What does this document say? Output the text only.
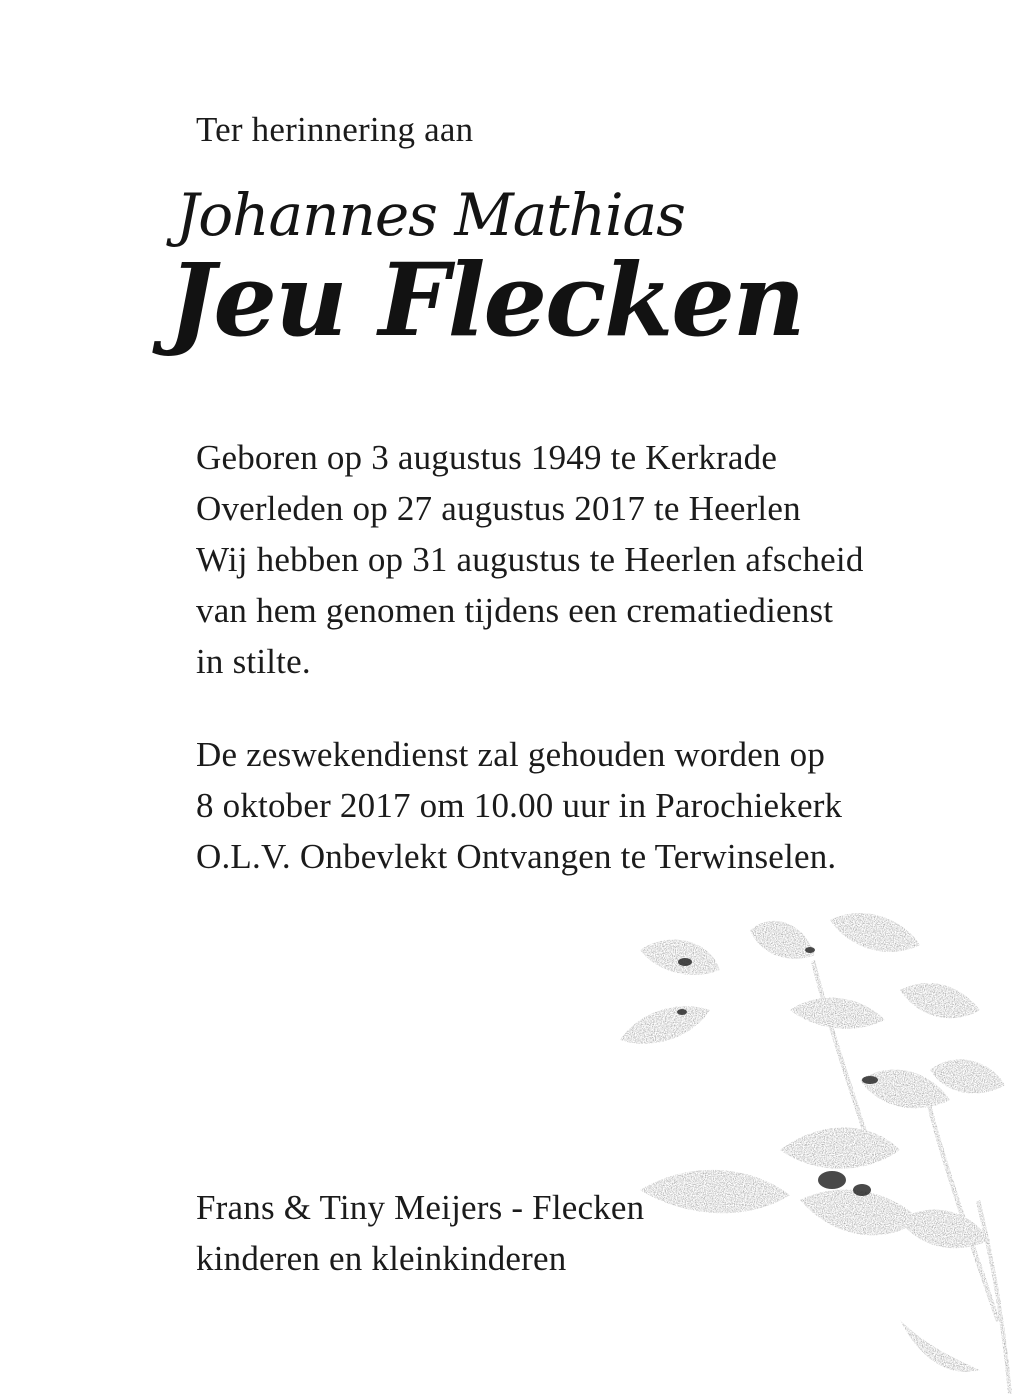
Ter herinnering aan
Johannes Mathias
Jeu Flecken
Geboren op 3 augustus 1949 te Kerkrade
Overleden op 27 augustus 2017 te Heerlen
Wij hebben op 31 augustus te Heerlen afscheid
van hem genomen tijdens een crematiedienst
in stilte.
De zeswekendienst zal gehouden worden op
8 oktober 2017 om 10.00 uur in Parochiekerk
O.L.V. Onbevlekt Ontvangen te Terwinselen.
Frans & Tiny Meijers - Flecken
kinderen en kleinkinderen
